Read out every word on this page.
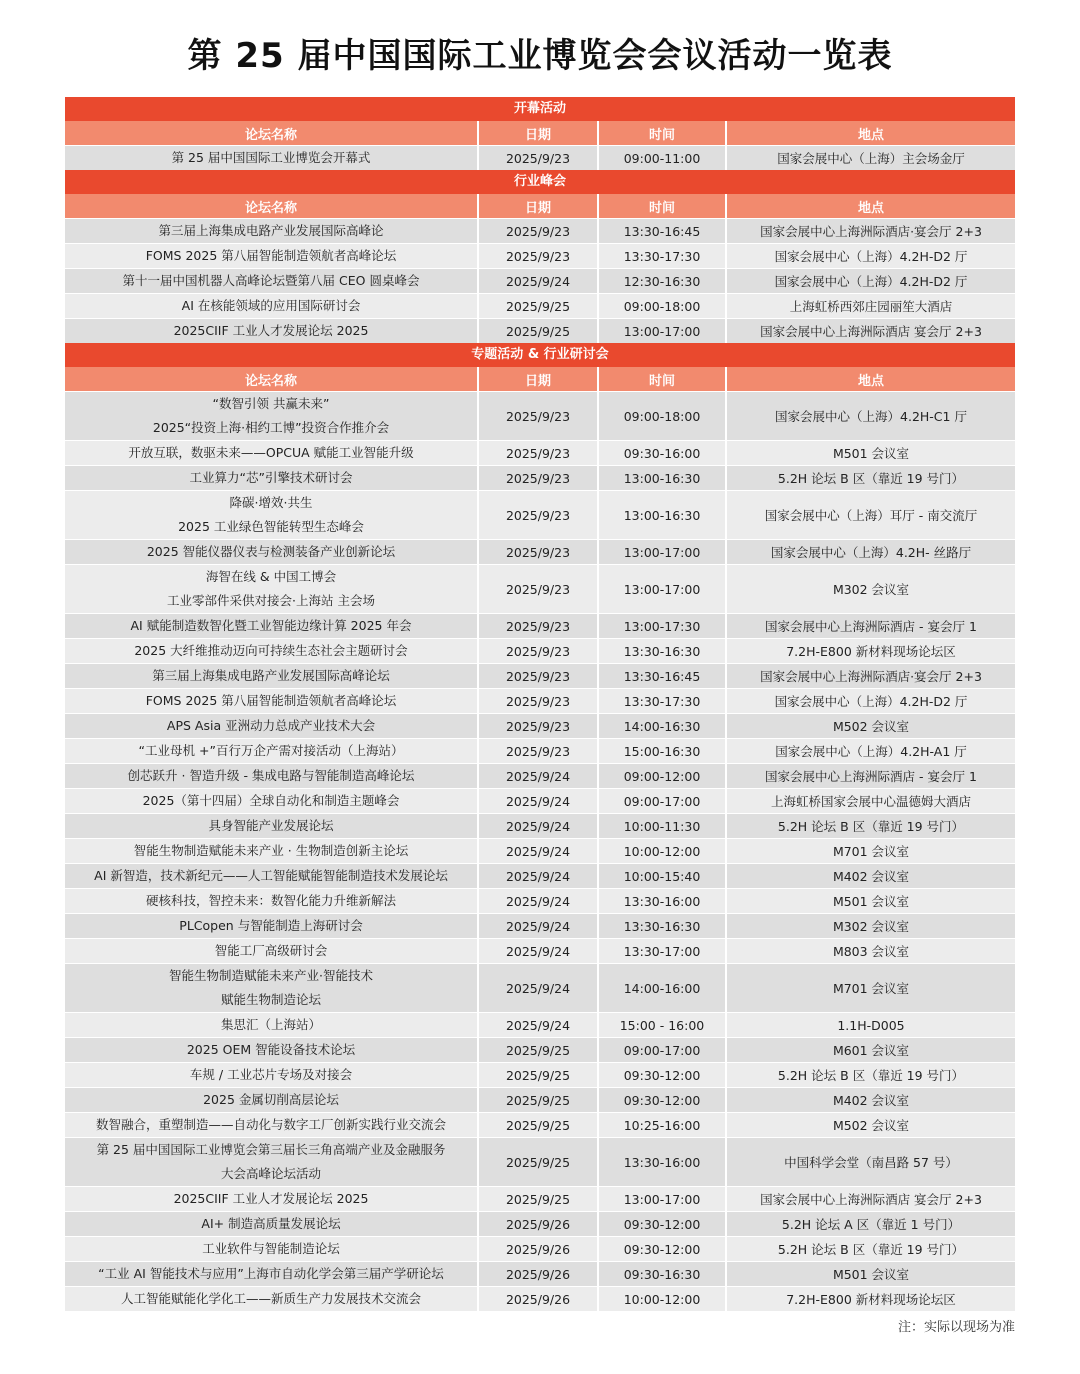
第 25 届中国国际工业博览会会议活动一览表
开幕活动
论坛名称	日期	时间	地点
第 25 届中国国际工业博览会开幕式	2025/9/23	09:00-11:00	国家会展中心（上海）主会场金厅
行业峰会
论坛名称	日期	时间	地点
第三届上海集成电路产业发展国际高峰论	2025/9/23	13:30-16:45	国家会展中心上海洲际酒店·宴会厅 2+3
FOMS 2025 第八届智能制造领航者高峰论坛	2025/9/23	13:30-17:30	国家会展中心（上海）4.2H-D2 厅
第十一届中国机器人高峰论坛暨第八届 CEO 圆桌峰会	2025/9/24	12:30-16:30	国家会展中心（上海）4.2H-D2 厅
AI 在核能领域的应用国际研讨会	2025/9/25	09:00-18:00	上海虹桥西郊庄园丽笙大酒店
2025CIIF 工业人才发展论坛 2025	2025/9/25	13:00-17:00	国家会展中心上海洲际酒店 宴会厅 2+3
专题活动 & 行业研讨会
论坛名称	日期	时间	地点
“数智引领 共赢未来”
2025“投资上海·相约工博”投资合作推介会
2025/9/23	09:00-18:00	国家会展中心（上海）4.2H-C1 厅
开放互联，数驱未来——OPCUA 赋能工业智能升级	2025/9/23	09:30-16:00	M501 会议室
工业算力“芯”引擎技术研讨会	2025/9/23	13:00-16:30	5.2H 论坛 B 区（靠近 19 号门）
降碳·增效·共生
2025 工业绿色智能转型生态峰会
2025/9/23	13:00-16:30	国家会展中心（上海）耳厅 - 南交流厅
2025 智能仪器仪表与检测装备产业创新论坛	2025/9/23	13:00-17:00	国家会展中心（上海）4.2H- 丝路厅
海智在线 & 中国工博会
工业零部件采供对接会·上海站 主会场
2025/9/23	13:00-17:00	M302 会议室
AI 赋能制造数智化暨工业智能边缘计算 2025 年会	2025/9/23	13:00-17:30	国家会展中心上海洲际酒店 - 宴会厅 1
2025 大纤维推动迈向可持续生态社会主题研讨会	2025/9/23	13:30-16:30	7.2H-E800 新材料现场论坛区
第三届上海集成电路产业发展国际高峰论坛	2025/9/23	13:30-16:45	国家会展中心上海洲际酒店·宴会厅 2+3
FOMS 2025 第八届智能制造领航者高峰论坛	2025/9/23	13:30-17:30	国家会展中心（上海）4.2H-D2 厅
APS Asia 亚洲动力总成产业技术大会	2025/9/23	14:00-16:30	M502 会议室
“工业母机 +”百行万企产需对接活动（上海站）	2025/9/23	15:00-16:30	国家会展中心（上海）4.2H-A1 厅
创芯跃升 · 智造升级 - 集成电路与智能制造高峰论坛	2025/9/24	09:00-12:00	国家会展中心上海洲际酒店 - 宴会厅 1
2025（第十四届）全球自动化和制造主题峰会	2025/9/24	09:00-17:00	上海虹桥国家会展中心温德姆大酒店
具身智能产业发展论坛	2025/9/24	10:00-11:30	5.2H 论坛 B 区（靠近 19 号门）
智能生物制造赋能未来产业 · 生物制造创新主论坛	2025/9/24	10:00-12:00	M701 会议室
AI 新智造，技术新纪元——人工智能赋能智能制造技术发展论坛	2025/9/24	10:00-15:40	M402 会议室
硬核科技，智控未来：数智化能力升维新解法	2025/9/24	13:30-16:00	M501 会议室
PLCopen 与智能制造上海研讨会	2025/9/24	13:30-16:30	M302 会议室
智能工厂高级研讨会	2025/9/24	13:30-17:00	M803 会议室
智能生物制造赋能未来产业·智能技术
赋能生物制造论坛
2025/9/24	14:00-16:00	M701 会议室
集思汇（上海站）	2025/9/24	15:00 - 16:00	1.1H-D005
2025 OEM 智能设备技术论坛	2025/9/25	09:00-17:00	M601 会议室
车规 / 工业芯片专场及对接会	2025/9/25	09:30-12:00	5.2H 论坛 B 区（靠近 19 号门）
2025 金属切削高层论坛	2025/9/25	09:30-12:00	M402 会议室
数智融合，重塑制造——自动化与数字工厂创新实践行业交流会	2025/9/25	10:25-16:00	M502 会议室
第 25 届中国国际工业博览会第三届长三角高端产业及金融服务
大会高峰论坛活动
2025/9/25	13:30-16:00	中国科学会堂（南昌路 57 号）
2025CIIF 工业人才发展论坛 2025	2025/9/25	13:00-17:00	国家会展中心上海洲际酒店 宴会厅 2+3
AI+ 制造高质量发展论坛	2025/9/26	09:30-12:00	5.2H 论坛 A 区（靠近 1 号门）
工业软件与智能制造论坛	2025/9/26	09:30-12:00	5.2H 论坛 B 区（靠近 19 号门）
“工业 AI 智能技术与应用”上海市自动化学会第三届产学研论坛	2025/9/26	09:30-16:30	M501 会议室
人工智能赋能化学化工——新质生产力发展技术交流会	2025/9/26	10:00-12:00	7.2H-E800 新材料现场论坛区
注：实际以现场为准
